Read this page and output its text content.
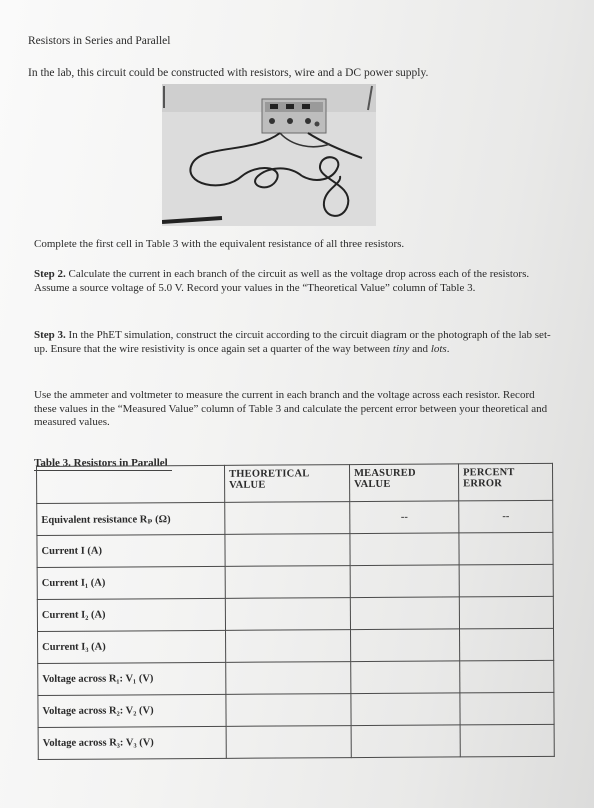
Resistors in Series and Parallel
In the lab, this circuit could be constructed with resistors, wire and a DC power supply.
Complete the first cell in Table 3 with the equivalent resistance of all three resistors.
Step 2. Calculate the current in each branch of the circuit as well as the voltage drop across each of the resistors. Assume a source voltage of 5.0 V. Record your values in the “Theoretical Value” column of Table 3.
Step 3. In the PhET simulation, construct the circuit according to the circuit diagram or the photograph of the lab set-up. Ensure that the wire resistivity is once again set a quarter of the way between tiny and lots.
Use the ammeter and voltmeter to measure the current in each branch and the voltage across each resistor. Record these values in the “Measured Value” column of Table 3 and calculate the percent error between your theoretical and measured values.
Table 3. Resistors in Parallel
	THEORETICAL VALUE	MEASURED VALUE	PERCENT ERROR
Equivalent resistance Rₚ (Ω)		--	--

Current I (A)			
Current I₁ (A)			
Current I₂ (A)			
Current I₃ (A)			
Voltage across R₁: V₁ (V)			
Voltage across R₂: V₂ (V)			
Voltage across R₃: V₃ (V)			
